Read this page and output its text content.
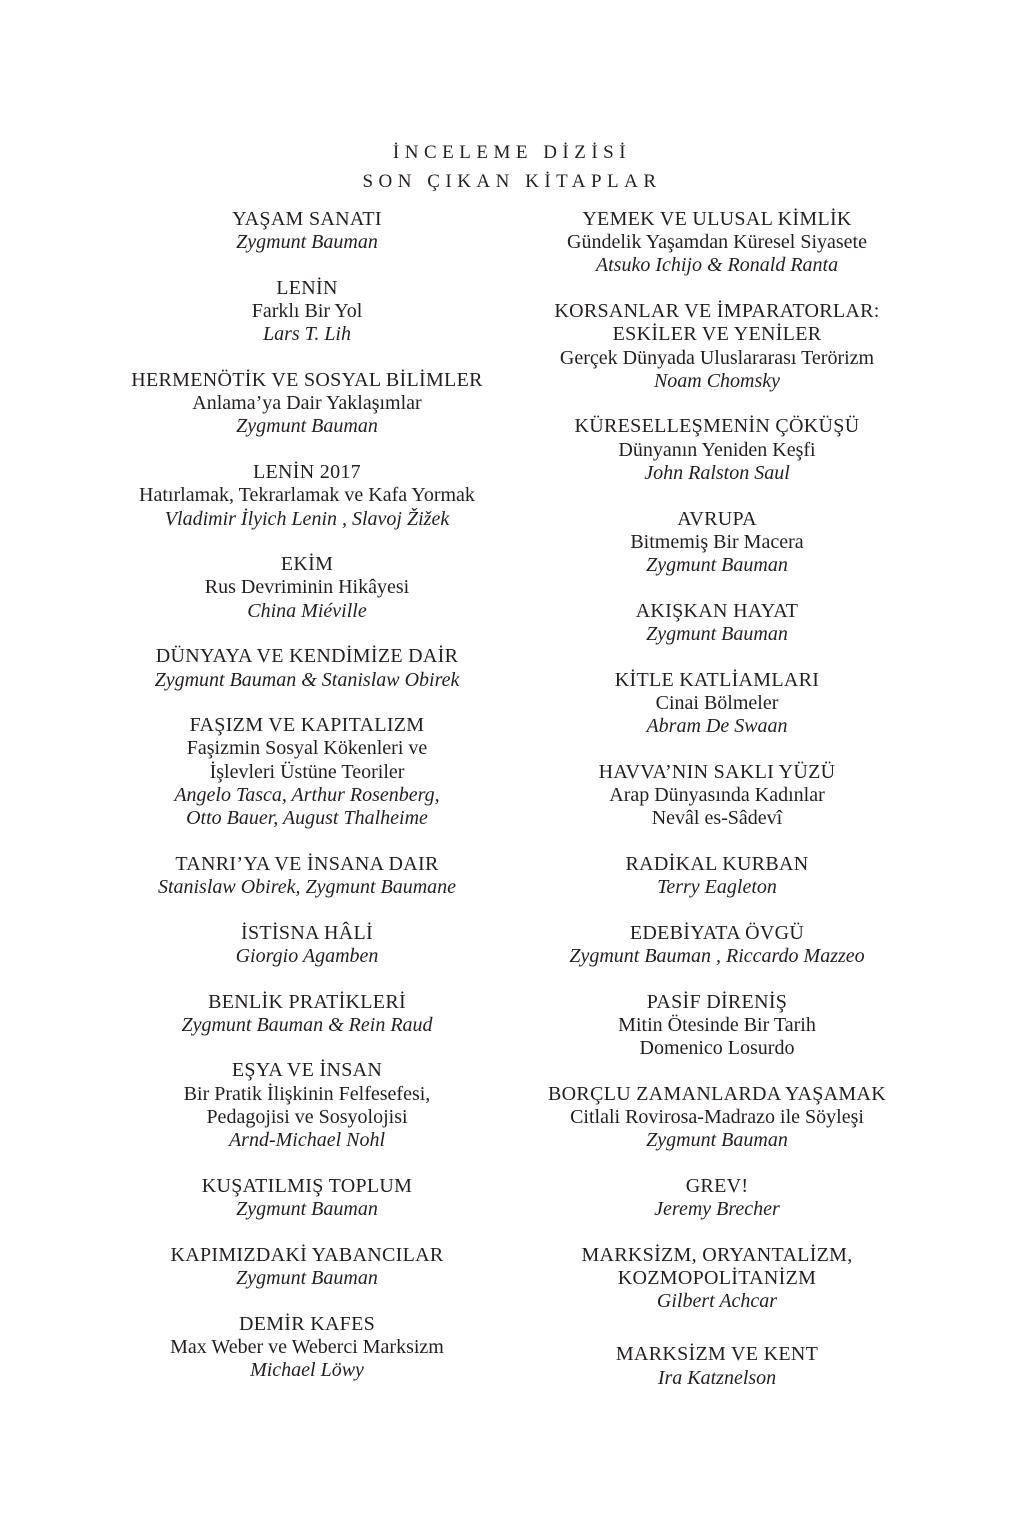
İNCELEME DİZİSİ
SON ÇIKAN KİTAPLAR
YAŞAM SANATI
Zygmunt Bauman
LENİN
Farklı Bir Yol
Lars T. Lih
HERMENÖTİK VE SOSYAL BİLİMLER
Anlama’ya Dair Yaklaşımlar
Zygmunt Bauman
LENİN 2017
Hatırlamak, Tekrarlamak ve Kafa Yormak
Vladimir İlyich Lenin , Slavoj Žižek
EKİM
Rus Devriminin Hikâyesi
China Miéville
DÜNYAYA VE KENDİMİZE DAİR
Zygmunt Bauman & Stanislaw Obirek
FAŞIZM VE KAPITALIZM
Faşizmin Sosyal Kökenleri ve
İşlevleri Üstüne Teoriler
Angelo Tasca, Arthur Rosenberg,
Otto Bauer, August Thalheime
TANRI’YA VE İNSANA DAIR
Stanislaw Obirek, Zygmunt Baumane
İSTİSNA HÂLİ
Giorgio Agamben
BENLİK PRATİKLERİ
Zygmunt Bauman & Rein Raud
EŞYA VE İNSAN
Bir Pratik İlişkinin Felfesefesi,
Pedagojisi ve Sosyolojisi
Arnd-Michael Nohl
KUŞATILMIŞ TOPLUM
Zygmunt Bauman
KAPIMIZDAKİ YABANCILAR
Zygmunt Bauman
DEMİR KAFES
Max Weber ve Weberci Marksizm
Michael Löwy
YEMEK VE ULUSAL KİMLİK
Gündelik Yaşamdan Küresel Siyasete
Atsuko Ichijo & Ronald Ranta
KORSANLAR VE İMPARATORLAR:
ESKİLER VE YENİLER
Gerçek Dünyada Uluslararası Terörizm
Noam Chomsky
KÜRESELLEŞMENİN ÇÖKÜŞÜ
Dünyanın Yeniden Keşfi
John Ralston Saul
AVRUPA
Bitmemiş Bir Macera
Zygmunt Bauman
AKIŞKAN HAYAT
Zygmunt Bauman
KİTLE KATLİAMLARI
Cinai Bölmeler
Abram De Swaan
HAVVA’NIN SAKLI YÜZÜ
Arap Dünyasında Kadınlar
Nevâl es-Sâdevî
RADİKAL KURBAN
Terry Eagleton
EDEBİYATA ÖVGÜ
Zygmunt Bauman , Riccardo Mazzeo
PASİF DİRENİŞ
Mitin Ötesinde Bir Tarih
Domenico Losurdo
BORÇLU ZAMANLARDA YAŞAMAK
Citlali Rovirosa-Madrazo ile Söyleşi
Zygmunt Bauman
GREV!
Jeremy Brecher
MARKSİZM, ORYANTALİZM,
KOZMOPOLİTANİZM
Gilbert Achcar
MARKSİZM VE KENT
Ira Katznelson
